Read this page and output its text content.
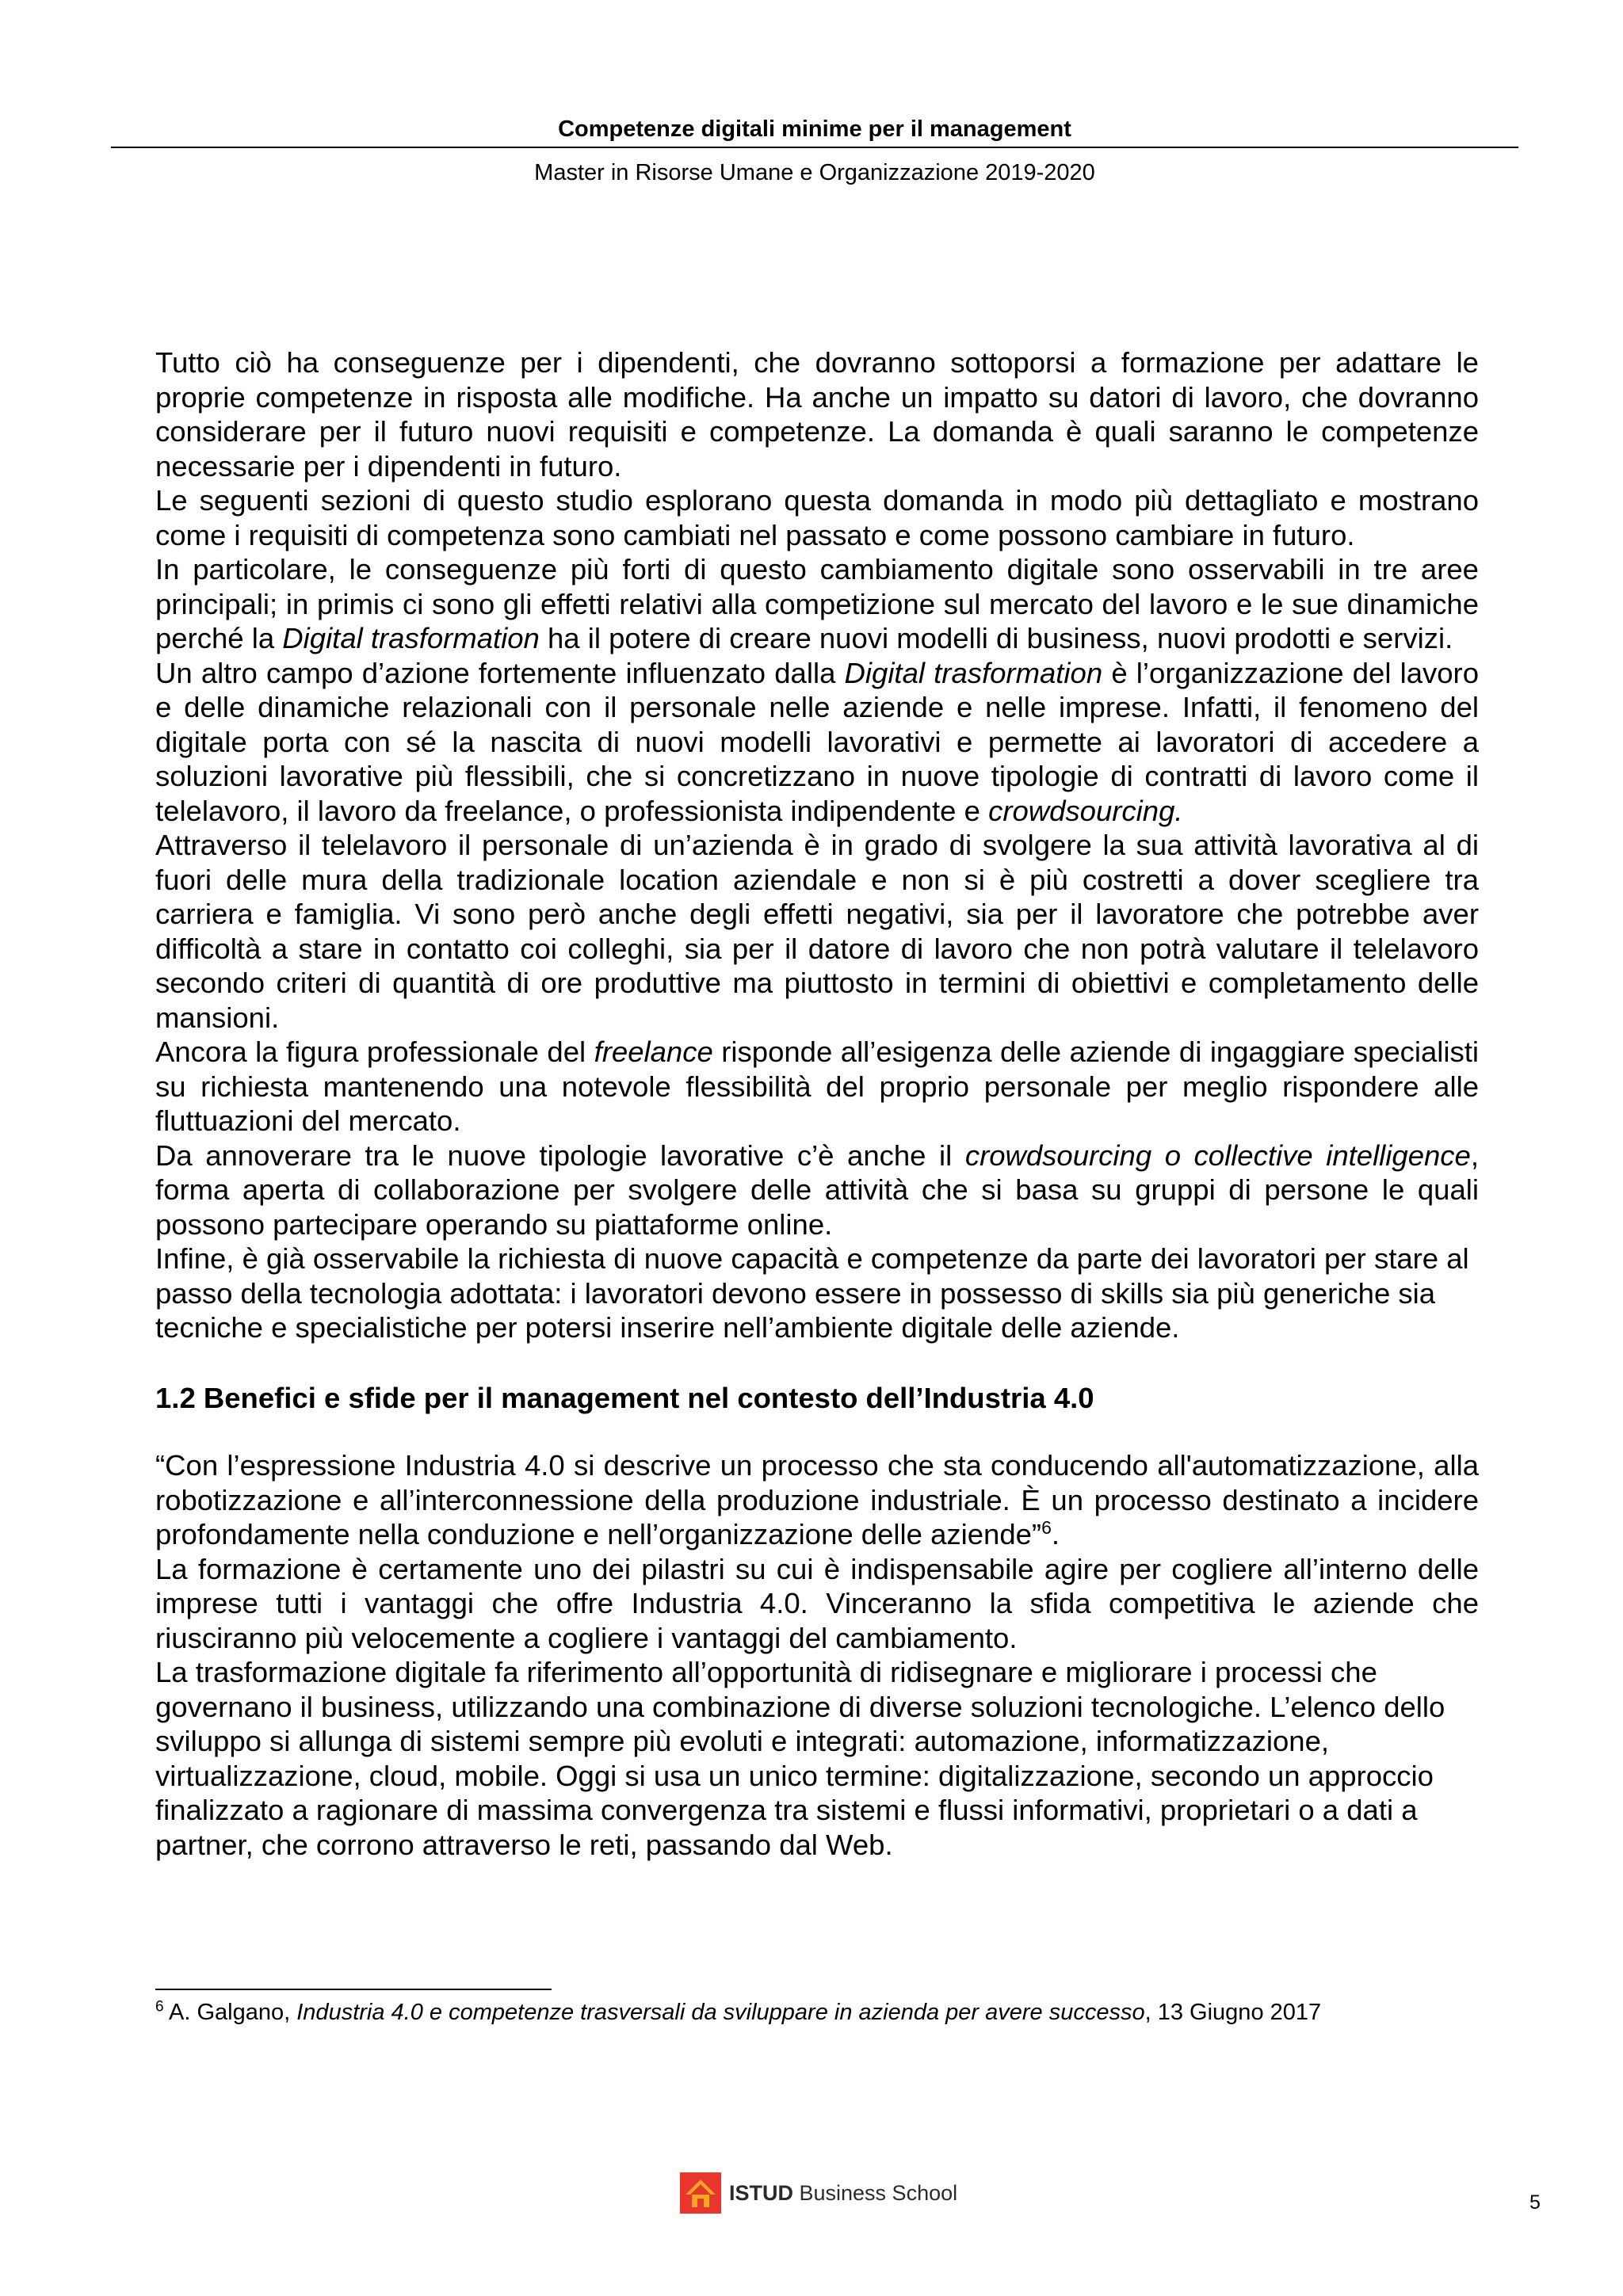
Competenze digitali minime per il management
Master in Risorse Umane e Organizzazione 2019-2020

Tutto ciò ha conseguenze per i dipendenti, che dovranno sottoporsi a formazione per adattare le proprie competenze in risposta alle modifiche. Ha anche un impatto su datori di lavoro, che dovranno considerare per il futuro nuovi requisiti e competenze. La domanda è quali saranno le competenze necessarie per i dipendenti in futuro.

Le seguenti sezioni di questo studio esplorano questa domanda in modo più dettagliato e mostrano come i requisiti di competenza sono cambiati nel passato e come possono cambiare in futuro.

In particolare, le conseguenze più forti di questo cambiamento digitale sono osservabili in tre aree principali; in primis ci sono gli effetti relativi alla competizione sul mercato del lavoro e le sue dinamiche perché la Digital trasformation ha il potere di creare nuovi modelli di business, nuovi prodotti e servizi.

Un altro campo d’azione fortemente influenzato dalla Digital trasformation è l’organizzazione del lavoro e delle dinamiche relazionali con il personale nelle aziende e nelle imprese. Infatti, il fenomeno del digitale porta con sé la nascita di nuovi modelli lavorativi e permette ai lavoratori di accedere a soluzioni lavorative più flessibili, che si concretizzano in nuove tipologie di contratti di lavoro come il telelavoro, il lavoro da freelance, o professionista indipendente e crowdsourcing.

Attraverso il telelavoro il personale di un’azienda è in grado di svolgere la sua attività lavorativa al di fuori delle mura della tradizionale location aziendale e non si è più costretti a dover scegliere tra carriera e famiglia. Vi sono però anche degli effetti negativi, sia per il lavoratore che potrebbe aver difficoltà a stare in contatto coi colleghi, sia per il datore di lavoro che non potrà valutare il telelavoro secondo criteri di quantità di ore produttive ma piuttosto in termini di obiettivi e completamento delle mansioni.

Ancora la figura professionale del freelance risponde all’esigenza delle aziende di ingaggiare specialisti su richiesta mantenendo una notevole flessibilità del proprio personale per meglio rispondere alle fluttuazioni del mercato.

Da annoverare tra le nuove tipologie lavorative c’è anche il crowdsourcing o collective intelligence, forma aperta di collaborazione per svolgere delle attività che si basa su gruppi di persone le quali possono partecipare operando su piattaforme online.

Infine, è già osservabile la richiesta di nuove capacità e competenze da parte dei lavoratori per stare al passo della tecnologia adottata: i lavoratori devono essere in possesso di skills sia più generiche sia tecniche e specialistiche per potersi inserire nell’ambiente digitale delle aziende.

1.2 Benefici e sfide per il management nel contesto dell’Industria 4.0

“Con l’espressione Industria 4.0 si descrive un processo che sta conducendo all'automatizzazione, alla robotizzazione e all’interconnessione della produzione industriale. È un processo destinato a incidere profondamente nella conduzione e nell’organizzazione delle aziende”$^6$.

La formazione è certamente uno dei pilastri su cui è indispensabile agire per cogliere all’interno delle imprese tutti i vantaggi che offre Industria 4.0. Vinceranno la sfida competitiva le aziende che riusciranno più velocemente a cogliere i vantaggi del cambiamento.

La trasformazione digitale fa riferimento all’opportunità di ridisegnare e migliorare i processi che governano il business, utilizzando una combinazione di diverse soluzioni tecnologiche. L’elenco dello sviluppo si allunga di sistemi sempre più evoluti e integrati: automazione, informatizzazione, virtualizzazione, cloud, mobile. Oggi si usa un unico termine: digitalizzazione, secondo un approccio finalizzato a ragionare di massima convergenza tra sistemi e flussi informativi, proprietari o a dati a partner, che corrono attraverso le reti, passando dal Web.

$^6$ A. Galgano, Industria 4.0 e competenze trasversali da sviluppare in azienda per avere successo, 13 Giugno 2017
ISTUD Business School	5
